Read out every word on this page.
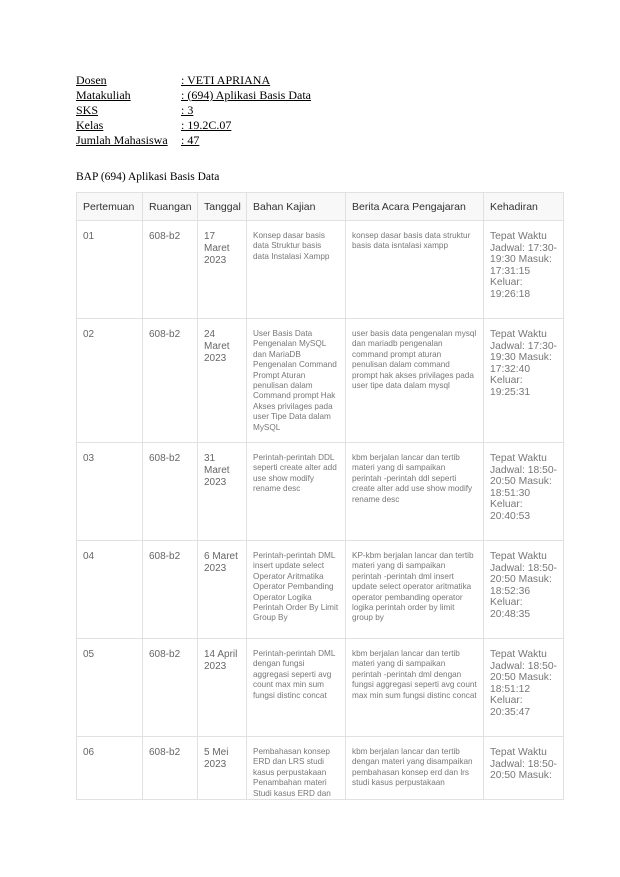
Dosen	: VETI APRIANA
Matakuliah	: (694) Aplikasi Basis Data
SKS	: 3
Kelas	: 19.2C.07
Jumlah Mahasiswa	: 47
BAP (694) Aplikasi Basis Data
Pertemuan	Ruangan	Tanggal	Bahan Kajian	Berita Acara Pengajaran	Kehadiran
01	608-b2	17 Maret 2023	Konsep dasar basis data Struktur basis data Instalasi Xampp	konsep dasar basis data struktur basis data isntalasi xampp	Tepat Waktu Jadwal: 17:30-19:30 Masuk: 17:31:15 Keluar: 19:26:18
02	608-b2	24 Maret 2023	User Basis Data Pengenalan MySQL dan MariaDB Pengenalan Command Prompt Aturan penulisan dalam Command prompt Hak Akses privilages pada user Tipe Data dalam MySQL	user basis data pengenalan mysql dan mariadb pengenalan command prompt aturan penulisan dalam command prompt hak akses privilages pada user tipe data dalam mysql	Tepat Waktu Jadwal: 17:30-19:30 Masuk: 17:32:40 Keluar: 19:25:31
03	608-b2	31 Maret 2023	Perintah-perintah DDL seperti create alter add use show modify rename desc	kbm berjalan lancar dan tertib materi yang di sampaikan perintah -perintah ddl seperti create alter add use show modify rename desc	Tepat Waktu Jadwal: 18:50-20:50 Masuk: 18:51:30 Keluar: 20:40:53
04	608-b2	6 Maret 2023	Perintah-perintah DML insert update select Operator Aritmatika Operator Pembanding Operator Logika Perintah Order By Limit Group By	KP-kbm berjalan lancar dan tertib materi yang di sampaikan perintah -perintah dml insert update select operator aritmatika operator pembanding operator logika perintah order by limit group by	Tepat Waktu Jadwal: 18:50-20:50 Masuk: 18:52:36 Keluar: 20:48:35
05	608-b2	14 April 2023	Perintah-perintah DML dengan fungsi aggregasi seperti avg count max min sum fungsi distinc concat	kbm berjalan lancar dan tertib materi yang di sampaikan perintah -perintah dml dengan fungsi aggregasi seperti avg count max min sum fungsi distinc concat	Tepat Waktu Jadwal: 18:50-20:50 Masuk: 18:51:12 Keluar: 20:35:47
06	608-b2	5 Mei 2023	Pembahasan konsep ERD dan LRS studi kasus perpustakaan Penambahan materi Studi kasus ERD dan	kbm berjalan lancar dan tertib dengan materi yang disampaikan pembahasan konsep erd dan lrs studi kasus perpustakaan	Tepat Waktu Jadwal: 18:50-20:50 Masuk:
